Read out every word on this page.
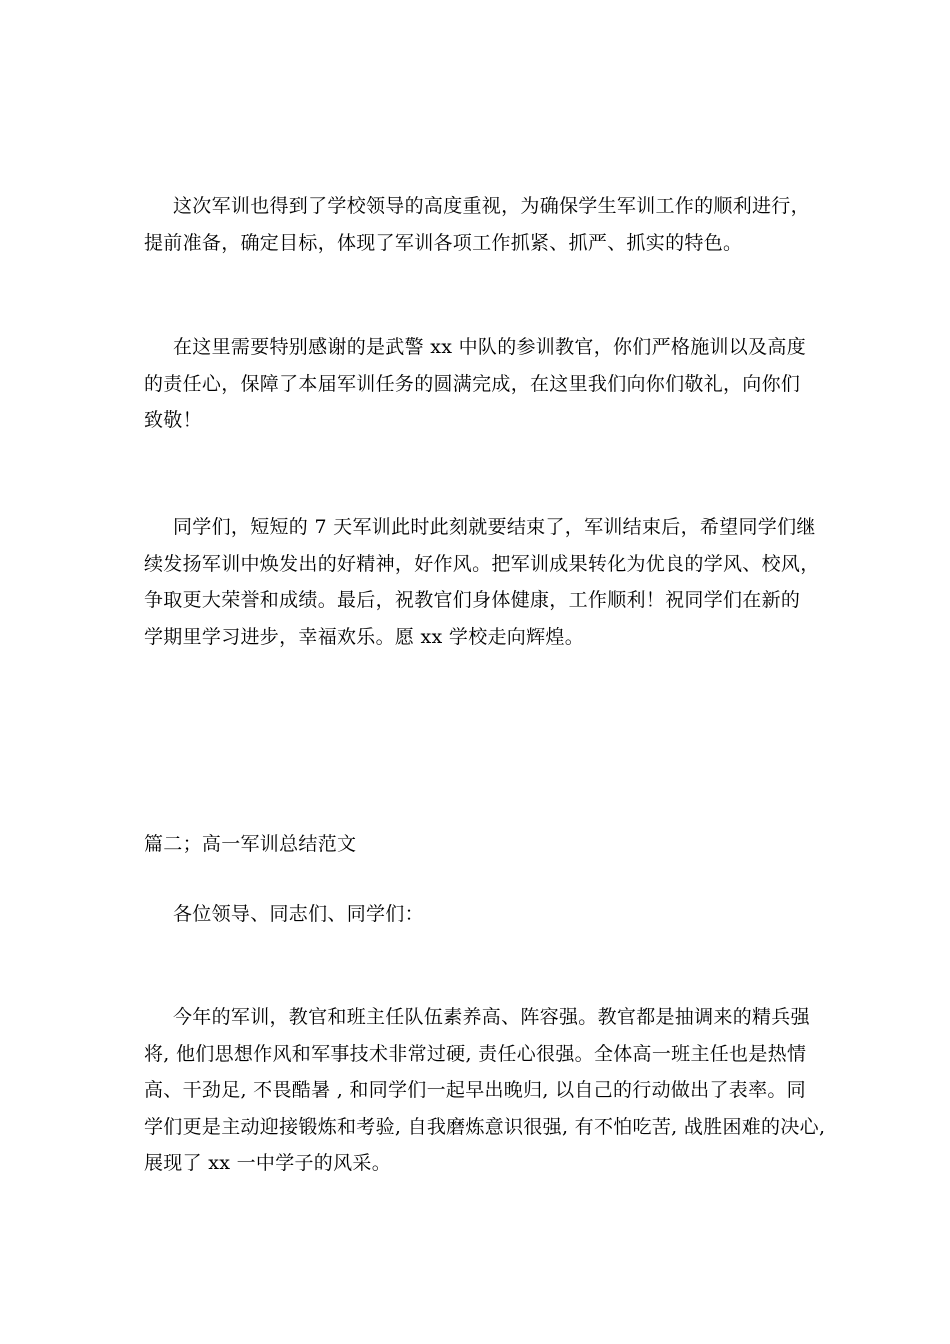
这次军训也得到了学校领导的高度重视，为确保学生军训工作的顺利进行，
提前准备，确定目标，体现了军训各项工作抓紧、抓严、抓实的特色。

在这里需要特别感谢的是武警 xx 中队的参训教官，你们严格施训以及高度
的责任心，保障了本届军训任务的圆满完成，在这里我们向你们敬礼，向你们
致敬！

同学们，短短的 7 天军训此时此刻就要结束了，军训结束后，希望同学们继
续发扬军训中焕发出的好精神，好作风。把军训成果转化为优良的学风、校风，
争取更大荣誉和成绩。最后，祝教官们身体健康，工作顺利！祝同学们在新的
学期里学习进步，幸福欢乐。愿 xx 学校走向辉煌。

篇二；高一军训总结范文

各位领导、同志们、同学们：

今年的军训，教官和班主任队伍素养高、阵容强。教官都是抽调来的精兵强
将, 他们思想作风和军事技术非常过硬, 责任心很强。全体高一班主任也是热情
高、干劲足, 不畏酷暑 , 和同学们一起早出晚归, 以自己的行动做出了表率。同
学们更是主动迎接锻炼和考验, 自我磨炼意识很强, 有不怕吃苦, 战胜困难的决心,
展现了 xx 一中学子的风采。
